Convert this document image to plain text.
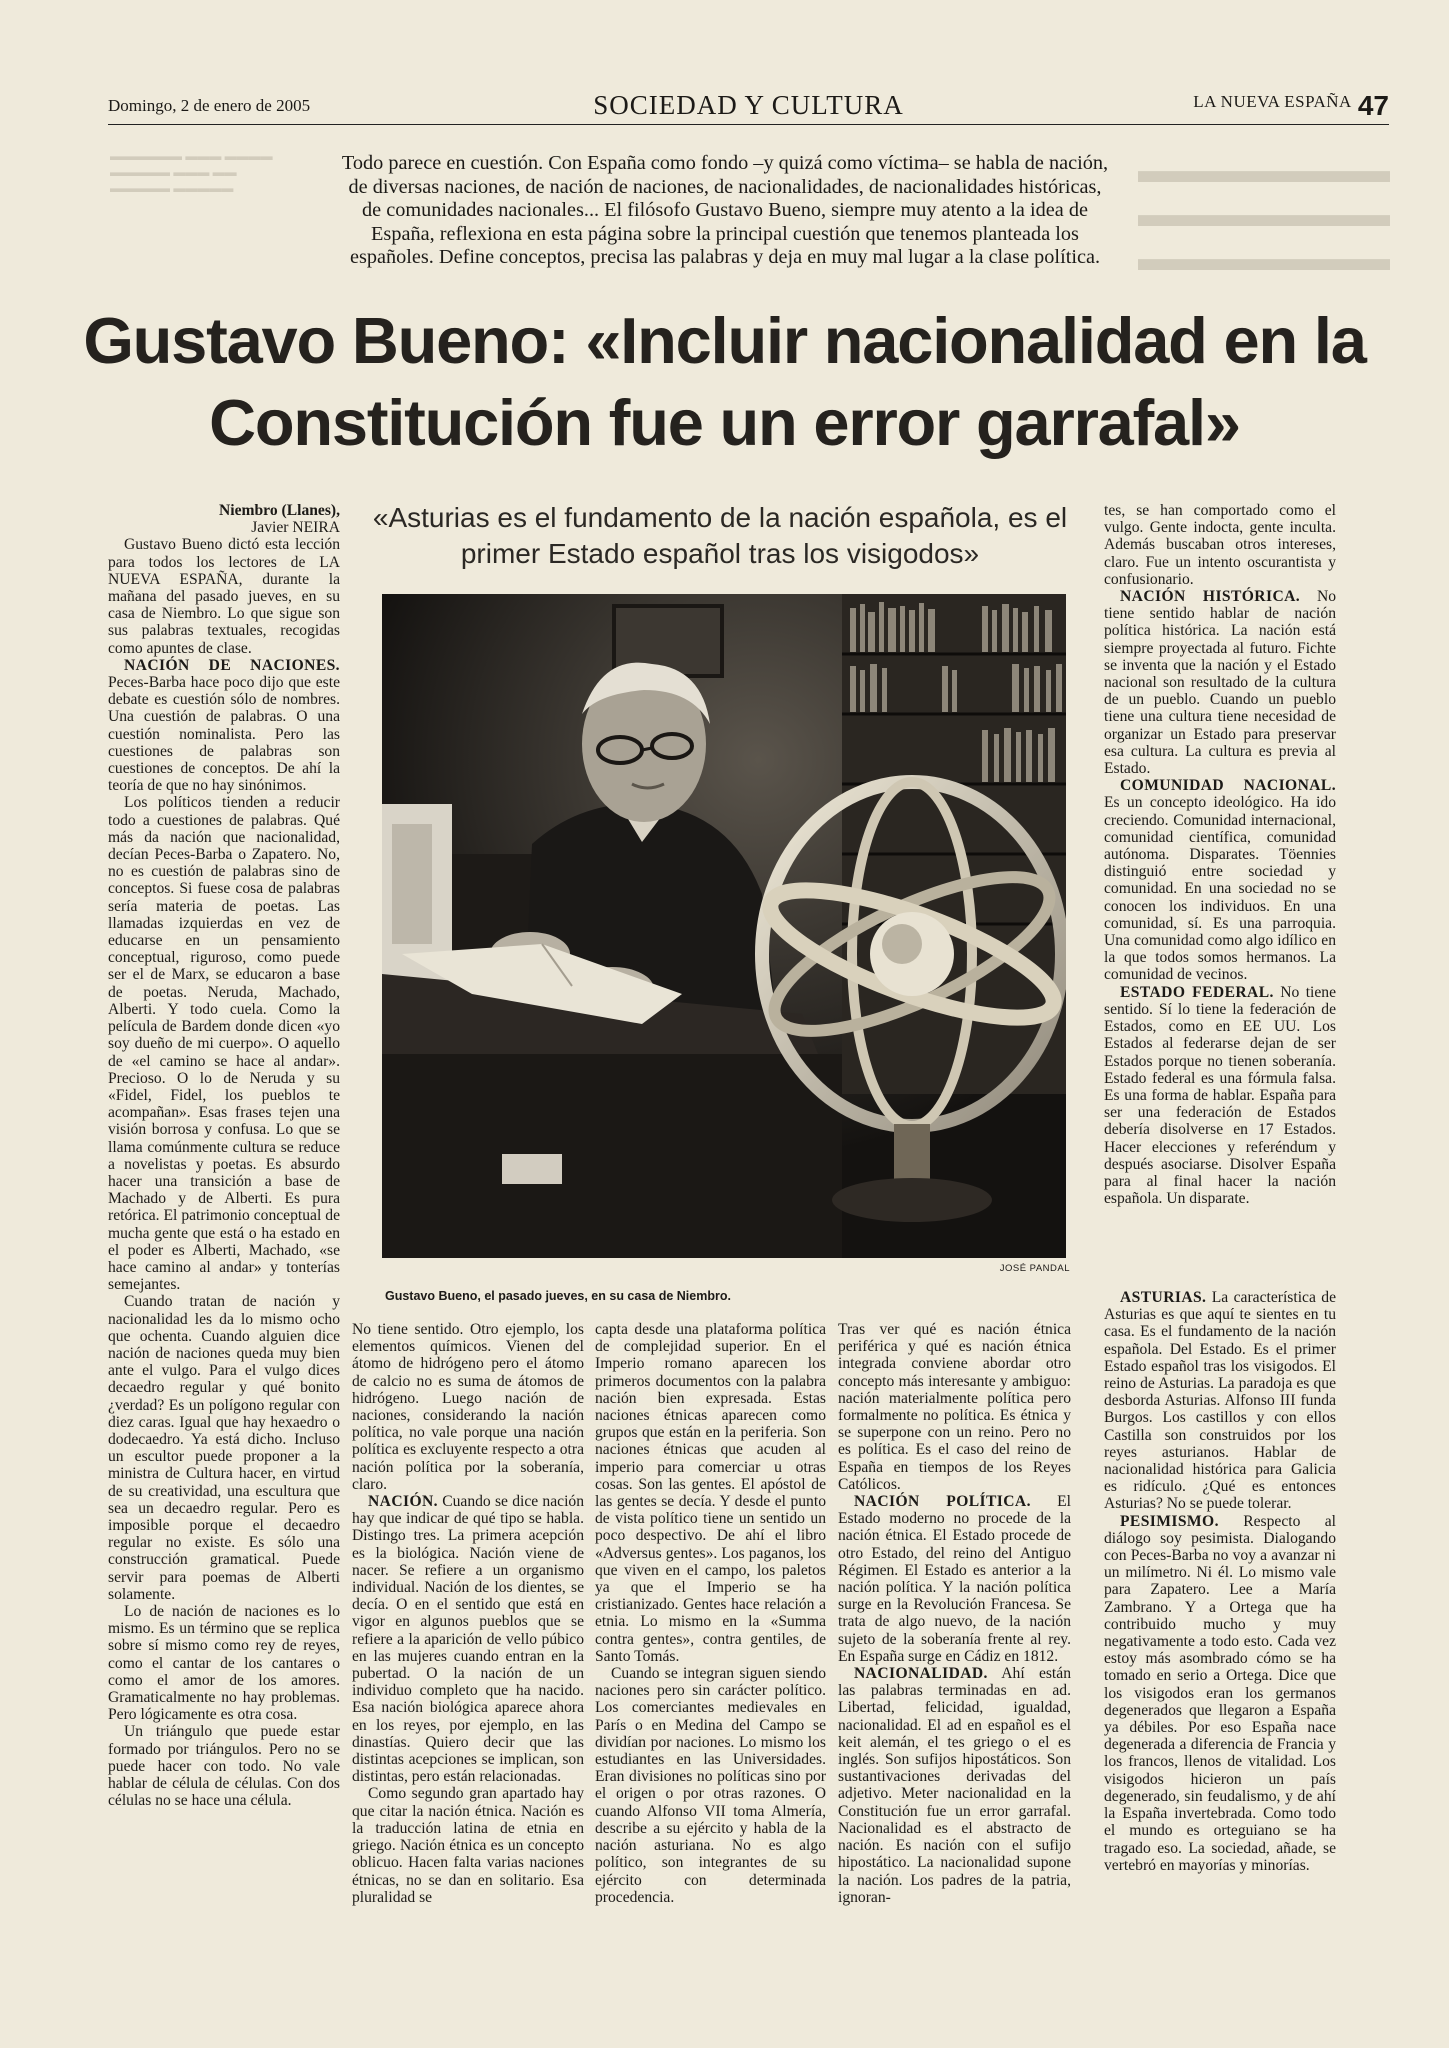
▬▬▬▬ ▬▬▬ ▬▬▬▬▬▬
▬▬ ▬▬▬ ▬▬▬▬▬
▬▬▬▬▬ ▬▬▬▬▬	▬▬▬▬▬▬▬
▬▬▬▬▬▬▬
▬▬▬▬▬▬▬
Domingo, 2 de enero de 2005	SOCIEDAD Y CULTURA	LA NUEVA ESPAÑA 47
Todo parece en cuestión. Con España como fondo –y quizá como víctima– se habla de nación, de diversas naciones, de nación de naciones, de nacionalidades, de nacionalidades históricas, de comunidades nacionales... El filósofo Gustavo Bueno, siempre muy atento a la idea de España, reflexiona en esta página sobre la principal cuestión que tenemos planteada los españoles. Define conceptos, precisa las palabras y deja en muy mal lugar a la clase política.
Gustavo Bueno: «Incluir nacionalidad en la Constitución fue un error garrafal»
Niembro (Llanes),
Javier NEIRA

Gustavo Bueno dictó esta lección para todos los lectores de LA NUEVA ESPAÑA, durante la mañana del pasado jueves, en su casa de Niembro. Lo que sigue son sus palabras textuales, recogidas como apuntes de clase.

NACIÓN DE NACIONES. Peces-Barba hace poco dijo que este debate es cuestión sólo de nombres. Una cuestión de palabras. O una cuestión nominalista. Pero las cuestiones de palabras son cuestiones de conceptos. De ahí la teoría de que no hay sinónimos.

Los políticos tienden a reducir todo a cuestiones de palabras. Qué más da nación que nacionalidad, decían Peces-Barba o Zapatero. No, no es cuestión de palabras sino de conceptos. Si fuese cosa de palabras sería materia de poetas. Las llamadas izquierdas en vez de educarse en un pensamiento conceptual, riguroso, como puede ser el de Marx, se educaron a base de poetas. Neruda, Machado, Alberti. Y todo cuela. Como la película de Bardem donde dicen «yo soy dueño de mi cuerpo». O aquello de «el camino se hace al andar». Precioso. O lo de Neruda y su «Fidel, Fidel, los pueblos te acompañan». Esas frases tejen una visión borrosa y confusa. Lo que se llama comúnmente cultura se reduce a novelistas y poetas. Es absurdo hacer una transición a base de Machado y de Alberti. Es pura retórica. El patrimonio conceptual de mucha gente que está o ha estado en el poder es Alberti, Machado, «se hace camino al andar» y tonterías semejantes.

Cuando tratan de nación y nacionalidad les da lo mismo ocho que ochenta. Cuando alguien dice nación de naciones queda muy bien ante el vulgo. Para el vulgo dices decaedro regular y qué bonito ¿verdad? Es un polígono regular con diez caras. Igual que hay hexaedro o dodecaedro. Ya está dicho. Incluso un escultor puede proponer a la ministra de Cultura hacer, en virtud de su creatividad, una escultura que sea un decaedro regular. Pero es imposible porque el decaedro regular no existe. Es sólo una construcción gramatical. Puede servir para poemas de Alberti solamente.

Lo de nación de naciones es lo mismo. Es un término que se replica sobre sí mismo como rey de reyes, como el cantar de los cantares o como el amor de los amores. Gramaticalmente no hay problemas. Pero lógicamente es otra cosa.

Un triángulo que puede estar formado por triángulos. Pero no se puede hacer con todo. No vale hablar de célula de células. Con dos células no se hace una célula.

«Asturias es el fundamento de la nación española, es el primer Estado español tras los visigodos»
JOSÉ PANDAL
Gustavo Bueno, el pasado jueves, en su casa de Niembro.

No tiene sentido. Otro ejemplo, los elementos químicos. Vienen del átomo de hidrógeno pero el átomo de calcio no es suma de átomos de hidrógeno. Luego nación de naciones, considerando la nación política, no vale porque una nación política es excluyente respecto a otra nación política por la soberanía, claro.

NACIÓN. Cuando se dice nación hay que indicar de qué tipo se habla. Distingo tres. La primera acepción es la biológica. Nación viene de nacer. Se refiere a un organismo individual. Nación de los dientes, se decía. O en el sentido que está en vigor en algunos pueblos que se refiere a la aparición de vello púbico en las mujeres cuando entran en la pubertad. O la nación de un individuo completo que ha nacido. Esa nación biológica aparece ahora en los reyes, por ejemplo, en las dinastías. Quiero decir que las distintas acepciones se implican, son distintas, pero están relacionadas.

Como segundo gran apartado hay que citar la nación étnica. Nación es la traducción latina de etnia en griego. Nación étnica es un concepto oblicuo. Hacen falta varias naciones étnicas, no se dan en solitario. Esa pluralidad se

capta desde una plataforma política de complejidad superior. En el Imperio romano aparecen los primeros documentos con la palabra nación bien expresada. Estas naciones étnicas aparecen como grupos que están en la periferia. Son naciones étnicas que acuden al imperio para comerciar u otras cosas. Son las gentes. El apóstol de las gentes se decía. Y desde el punto de vista político tiene un sentido un poco despectivo. De ahí el libro «Adversus gentes». Los paganos, los que viven en el campo, los paletos ya que el Imperio se ha cristianizado. Gentes hace relación a etnia. Lo mismo en la «Summa contra gentes», contra gentiles, de Santo Tomás.

Cuando se integran siguen siendo naciones pero sin carácter político. Los comerciantes medievales en París o en Medina del Campo se dividían por naciones. Lo mismo los estudiantes en las Universidades. Eran divisiones no políticas sino por el origen o por otras razones. O cuando Alfonso VII toma Almería, describe a su ejército y habla de la nación asturiana. No es algo político, son integrantes de su ejército con determinada procedencia.

Tras ver qué es nación étnica periférica y qué es nación étnica integrada conviene abordar otro concepto más interesante y ambiguo: nación materialmente política pero formalmente no política. Es étnica y se superpone con un reino. Pero no es política. Es el caso del reino de España en tiempos de los Reyes Católicos.

NACIÓN POLÍTICA. El Estado moderno no procede de la nación étnica. El Estado procede de otro Estado, del reino del Antiguo Régimen. El Estado es anterior a la nación política. Y la nación política surge en la Revolución Francesa. Se trata de algo nuevo, de la nación sujeto de la soberanía frente al rey. En España surge en Cádiz en 1812.

NACIONALIDAD. Ahí están las palabras terminadas en ad. Libertad, felicidad, igualdad, nacionalidad. El ad en español es el keit alemán, el tes griego o el es inglés. Son sufijos hipostáticos. Son sustantivaciones derivadas del adjetivo. Meter nacionalidad en la Constitución fue un error garrafal. Nacionalidad es el abstracto de nación. Es nación con el sufijo hipostático. La nacionalidad supone la nación. Los padres de la patria, ignoran-

tes, se han comportado como el vulgo. Gente indocta, gente inculta. Además buscaban otros intereses, claro. Fue un intento oscurantista y confusionario.

NACIÓN HISTÓRICA. No tiene sentido hablar de nación política histórica. La nación está siempre proyectada al futuro. Fichte se inventa que la nación y el Estado nacional son resultado de la cultura de un pueblo. Cuando un pueblo tiene una cultura tiene necesidad de organizar un Estado para preservar esa cultura. La cultura es previa al Estado.

COMUNIDAD NACIONAL. Es un concepto ideológico. Ha ido creciendo. Comunidad internacional, comunidad científica, comunidad autónoma. Disparates. Töennies distinguió entre sociedad y comunidad. En una sociedad no se conocen los individuos. En una comunidad, sí. Es una parroquia. Una comunidad como algo idílico en la que todos somos hermanos. La comunidad de vecinos.

ESTADO FEDERAL. No tiene sentido. Sí lo tiene la federación de Estados, como en EE UU. Los Estados al federarse dejan de ser Estados porque no tienen soberanía. Estado federal es una fórmula falsa. Es una forma de hablar. España para ser una federación de Estados debería disolverse en 17 Estados. Hacer elecciones y referéndum y después asociarse. Disolver España para al final hacer la nación española. Un disparate.

ASTURIAS. La característica de Asturias es que aquí te sientes en tu casa. Es el fundamento de la nación española. Del Estado. Es el primer Estado español tras los visigodos. El reino de Asturias. La paradoja es que desborda Asturias. Alfonso III funda Burgos. Los castillos y con ellos Castilla son construidos por los reyes asturianos. Hablar de nacionalidad histórica para Galicia es ridículo. ¿Qué es entonces Asturias? No se puede tolerar.

PESIMISMO. Respecto al diálogo soy pesimista. Dialogando con Peces-Barba no voy a avanzar ni un milímetro. Ni él. Lo mismo vale para Zapatero. Lee a María Zambrano. Y a Ortega que ha contribuido mucho y muy negativamente a todo esto. Cada vez estoy más asombrado cómo se ha tomado en serio a Ortega. Dice que los visigodos eran los germanos degenerados que llegaron a España ya débiles. Por eso España nace degenerada a diferencia de Francia y los francos, llenos de vitalidad. Los visigodos hicieron un país degenerado, sin feudalismo, y de ahí la España invertebrada. Como todo el mundo es orteguiano se ha tragado eso. La sociedad, añade, se vertebró en mayorías y minorías.
